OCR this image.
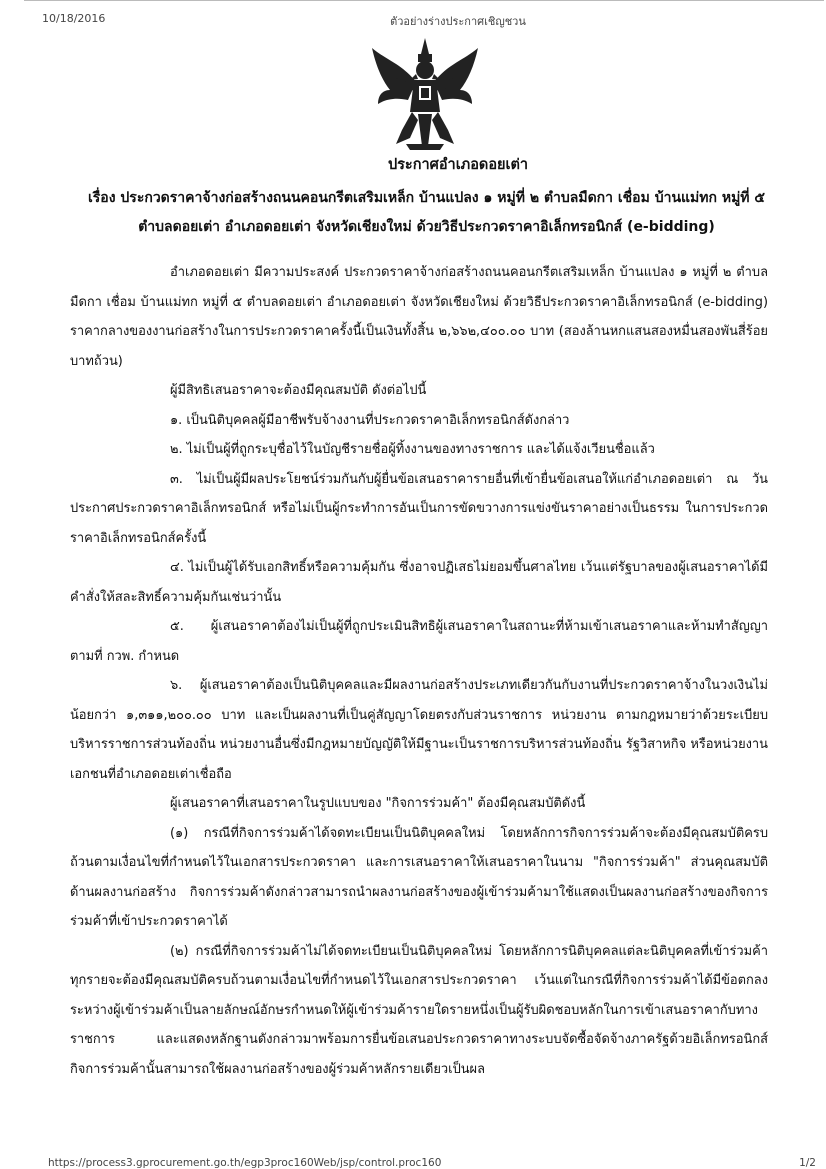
10/18/2016	ตัวอย่างร่างประกาศเชิญชวน
ประกาศอำเภอดอยเต่า
เรื่อง ประกวดราคาจ้างก่อสร้างถนนคอนกรีตเสริมเหล็ก บ้านแปลง ๑ หมู่ที่ ๒ ตำบลมืดกา เชื่อม บ้านแม่ทก หมู่ที่ ๕ ตำบลดอยเต่า อำเภอดอยเต่า จังหวัดเชียงใหม่ ด้วยวิธีประกวดราคาอิเล็กทรอนิกส์ (e-bidding)

อำเภอดอยเต่า มีความประสงค์ ประกวดราคาจ้างก่อสร้างถนนคอนกรีตเสริมเหล็ก บ้านแปลง ๑ หมู่ที่ ๒ ตำบลมืดกา เชื่อม บ้านแม่ทก หมู่ที่ ๕ ตำบลดอยเต่า อำเภอดอยเต่า จังหวัดเชียงใหม่ ด้วยวิธีประกวดราคาอิเล็กทรอนิกส์ (e-bidding) ราคากลางของงานก่อสร้างในการประกวดราคาครั้งนี้เป็นเงินทั้งสิ้น ๒,๖๖๒,๔๐๐.๐๐ บาท (สองล้านหกแสนสองหมื่นสองพันสี่ร้อยบาทถ้วน)

ผู้มีสิทธิเสนอราคาจะต้องมีคุณสมบัติ ดังต่อไปนี้

๑. เป็นนิติบุคคลผู้มีอาชีพรับจ้างงานที่ประกวดราคาอิเล็กทรอนิกส์ดังกล่าว

๒. ไม่เป็นผู้ที่ถูกระบุชื่อไว้ในบัญชีรายชื่อผู้ทิ้งงานของทางราชการ และได้แจ้งเวียนชื่อแล้ว

๓. ไม่เป็นผู้มีผลประโยชน์ร่วมกันกับผู้ยื่นข้อเสนอราคารายอื่นที่เข้ายื่นข้อเสนอให้แก่อำเภอดอยเต่า ณ วันประกาศประกวดราคาอิเล็กทรอนิกส์ หรือไม่เป็นผู้กระทำการอันเป็นการขัดขวางการแข่งขันราคาอย่างเป็นธรรม ในการประกวดราคาอิเล็กทรอนิกส์ครั้งนี้

๔. ไม่เป็นผู้ได้รับเอกสิทธิ์หรือความคุ้มกัน ซึ่งอาจปฏิเสธไม่ยอมขึ้นศาลไทย เว้นแต่รัฐบาลของผู้เสนอราคาได้มีคำสั่งให้สละสิทธิ์ความคุ้มกันเช่นว่านั้น

๕. ผู้เสนอราคาต้องไม่เป็นผู้ที่ถูกประเมินสิทธิผู้เสนอราคาในสถานะที่ห้ามเข้าเสนอราคาและห้ามทำสัญญาตามที่ กวพ. กำหนด

๖. ผู้เสนอราคาต้องเป็นนิติบุคคลและมีผลงานก่อสร้างประเภทเดียวกันกับงานที่ประกวดราคาจ้างในวงเงินไม่น้อยกว่า ๑,๓๑๑,๒๐๐.๐๐ บาท และเป็นผลงานที่เป็นคู่สัญญาโดยตรงกับส่วนราชการ หน่วยงาน ตามกฎหมายว่าด้วยระเบียบบริหารราชการส่วนท้องถิ่น หน่วยงานอื่นซึ่งมีกฎหมายบัญญัติให้มีฐานะเป็นราชการบริหารส่วนท้องถิ่น รัฐวิสาหกิจ หรือหน่วยงานเอกชนที่อำเภอดอยเต่าเชื่อถือ

ผู้เสนอราคาที่เสนอราคาในรูปแบบของ "กิจการร่วมค้า" ต้องมีคุณสมบัติดังนี้

(๑) กรณีที่กิจการร่วมค้าได้จดทะเบียนเป็นนิติบุคคลใหม่ โดยหลักการกิจการร่วมค้าจะต้องมีคุณสมบัติครบถ้วนตามเงื่อนไขที่กำหนดไว้ในเอกสารประกวดราคา และการเสนอราคาให้เสนอราคาในนาม "กิจการร่วมค้า" ส่วนคุณสมบัติด้านผลงานก่อสร้าง กิจการร่วมค้าดังกล่าวสามารถนำผลงานก่อสร้างของผู้เข้าร่วมค้ามาใช้แสดงเป็นผลงานก่อสร้างของกิจการร่วมค้าที่เข้าประกวดราคาได้

(๒) กรณีที่กิจการร่วมค้าไม่ได้จดทะเบียนเป็นนิติบุคคลใหม่ โดยหลักการนิติบุคคลแต่ละนิติบุคคลที่เข้าร่วมค้าทุกรายจะต้องมีคุณสมบัติครบถ้วนตามเงื่อนไขที่กำหนดไว้ในเอกสารประกวดราคา เว้นแต่ในกรณีที่กิจการร่วมค้าได้มีข้อตกลงระหว่างผู้เข้าร่วมค้าเป็นลายลักษณ์อักษรกำหนดให้ผู้เข้าร่วมค้ารายใดรายหนึ่งเป็นผู้รับผิดชอบหลักในการเข้าเสนอราคากับทางราชการ และแสดงหลักฐานดังกล่าวมาพร้อมการยื่นข้อเสนอประกวดราคาทางระบบจัดซื้อจัดจ้างภาครัฐด้วยอิเล็กทรอนิกส์ กิจการร่วมค้านั้นสามารถใช้ผลงานก่อสร้างของผู้ร่วมค้าหลักรายเดียวเป็นผล

https://process3.gprocurement.go.th/egp3proc160Web/jsp/control.proc160	1/2
